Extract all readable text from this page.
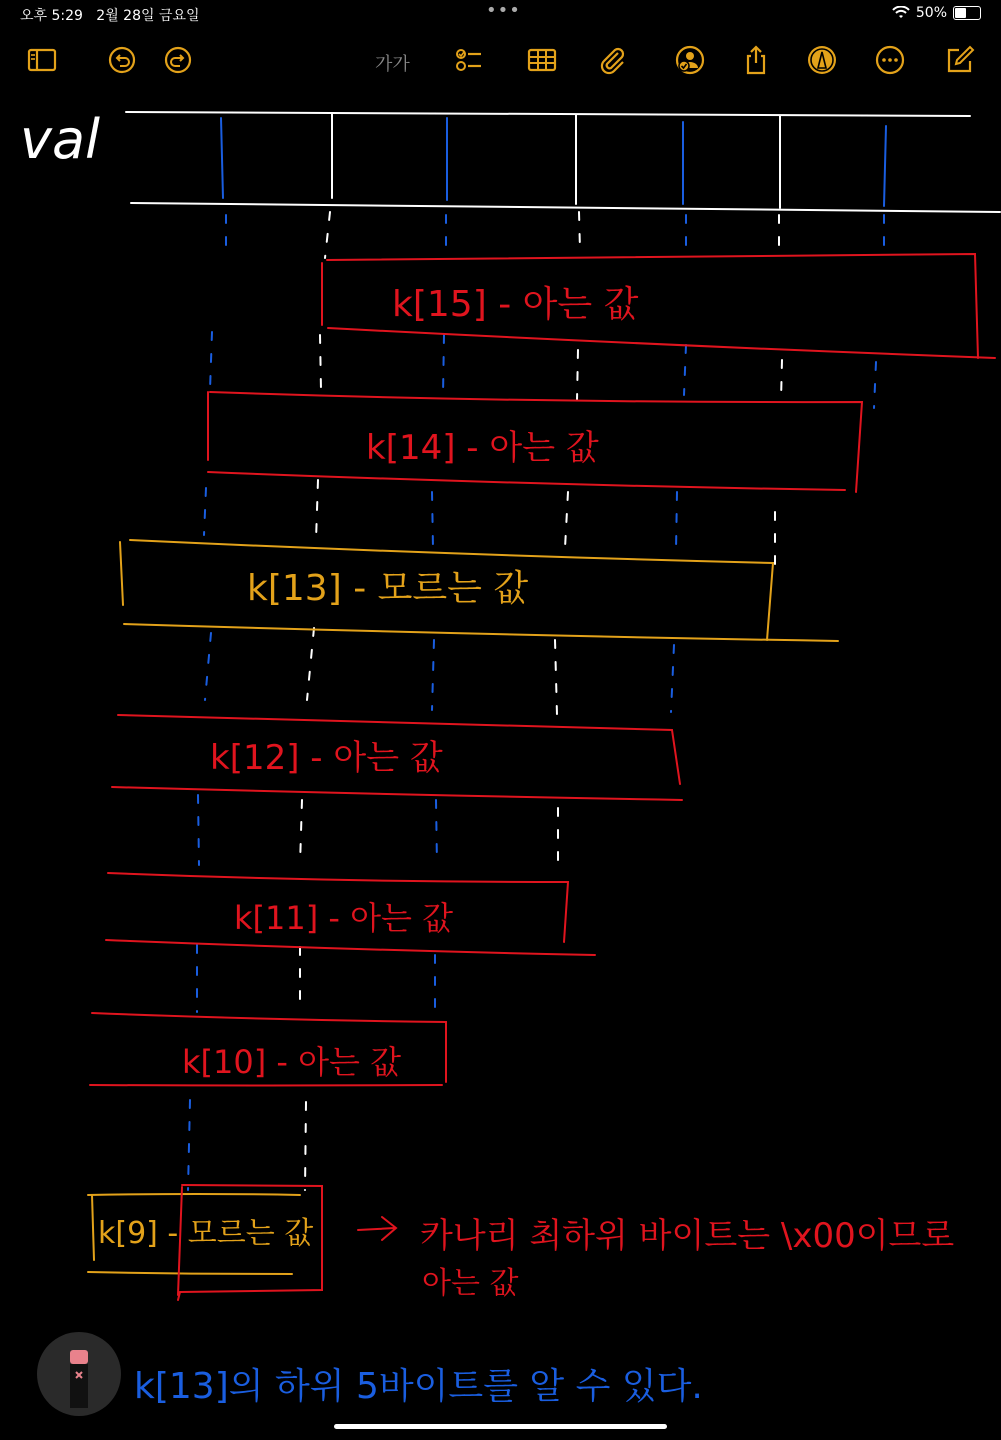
오후 5:29 2월 28일 금요일	•••	50%
가가
val
k[15] - 아는 값
k[14] - 아는 값
k[13] - 모르는 값
k[12] - 아는 값
k[11] - 아는 값
k[10] - 아는 값
k[9] - 모르는 값	카나리 최하위 바이트는 \x00이므로
아는 값
k[13]의 하위 5바이트를 알 수 있다.
